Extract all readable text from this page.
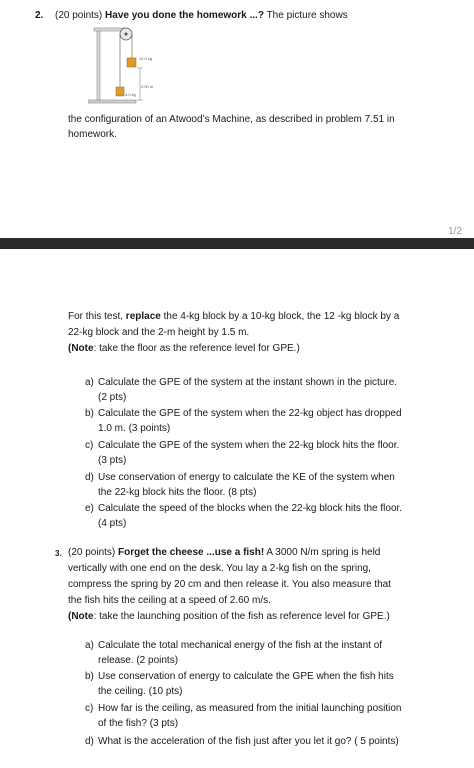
2. (20 points) Have you done the homework ...? The picture shows
12.0 kg
2.00 m
4.0 kg
the configuration of an Atwood’s Machine, as described in problem 7.51 in
homework.
1/2
For this test, replace the 4-kg block by a 10-kg block, the 12 -kg block by a
22-kg block and the 2-m height by 1.5 m.
(Note: take the floor as the reference level for GPE.)
a) Calculate the GPE of the system at the instant shown in the picture.
(2 pts)
b) Calculate the GPE of the system when the 22-kg object has dropped
1.0 m. (3 points)
c) Calculate the GPE of the system when the 22-kg block hits the floor.
(3 pts)
d) Use conservation of energy to calculate the KE of the system when
the 22-kg block hits the floor. (8 pts)
e) Calculate the speed of the blocks when the 22-kg block hits the floor.
(4 pts)
3. (20 points) Forget the cheese ...use a fish! A 3000 N/m spring is held
vertically with one end on the desk. You lay a 2-kg fish on the spring,
compress the spring by 20 cm and then release it. You also measure that
the fish hits the ceiling at a speed of 2.60 m/s.
(Note: take the launching position of the fish as reference level for GPE.)
a) Calculate the total mechanical energy of the fish at the instant of
release. (2 points)
b) Use conservation of energy to calculate the GPE when the fish hits
the ceiling. (10 pts)
c) How far is the ceiling, as measured from the initial launching position
of the fish? (3 pts)
d) What is the acceleration of the fish just after you let it go? ( 5 points)
